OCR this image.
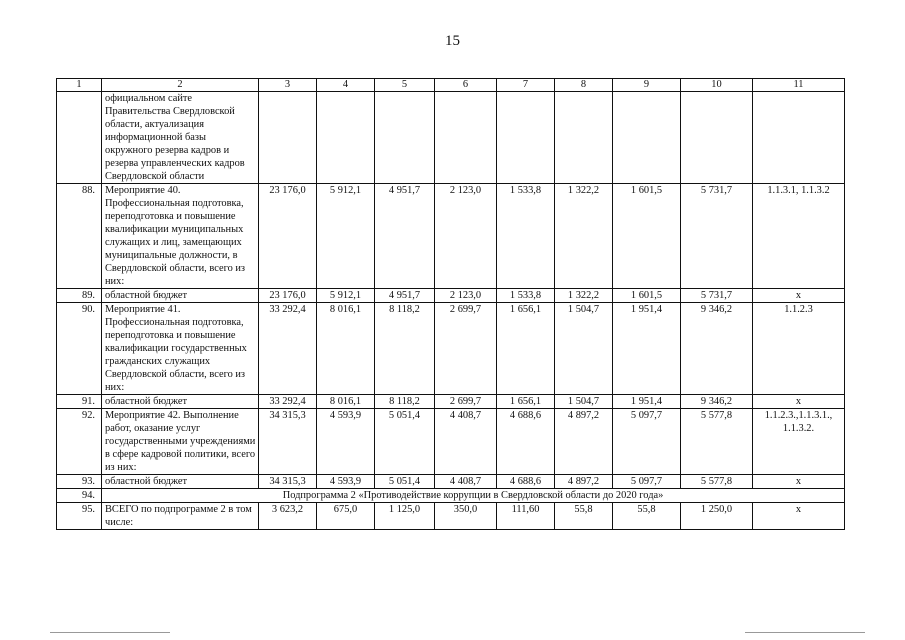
15
1	2	3	4	5	6	7	8	9	10	11
	официальном сайте Правительства Свердловской области, актуализация информационной базы окружного резерва кадров и резерва управленческих кадров Свердловской области									
88.	Мероприятие 40. Профессиональная подготовка, переподготовка и повышение квалификации муниципальных служащих и лиц, замещающих муниципальные должности, в Свердловской области, всего из них:	23 176,0	5 912,1	4 951,7	2 123,0	1 533,8	1 322,2	1 601,5	5 731,7	1.1.3.1, 1.1.3.2
89.	областной бюджет	23 176,0	5 912,1	4 951,7	2 123,0	1 533,8	1 322,2	1 601,5	5 731,7	х
90.	Мероприятие 41. Профессиональная подготовка, переподготовка и повышение квалификации государственных гражданских служащих Свердловской области, всего из них:	33 292,4	8 016,1	8 118,2	2 699,7	1 656,1	1 504,7	1 951,4	9 346,2	1.1.2.3
91.	областной бюджет	33 292,4	8 016,1	8 118,2	2 699,7	1 656,1	1 504,7	1 951,4	9 346,2	х
92.	Мероприятие 42. Выполнение работ, оказание услуг государственными учреждениями в сфере кадровой политики, всего из них:	34 315,3	4 593,9	5 051,4	4 408,7	4 688,6	4 897,2	5 097,7	5 577,8	1.1.2.3.,1.1.3.1., 1.1.3.2.
93.	областной бюджет	34 315,3	4 593,9	5 051,4	4 408,7	4 688,6	4 897,2	5 097,7	5 577,8	х
94.	Подпрограмма 2 «Противодействие коррупции в Свердловской области до 2020 года»									
95.	ВСЕГО по подпрограмме 2 в том числе:	3 623,2	675,0	1 125,0	350,0	111,60	55,8	55,8	1 250,0	х
